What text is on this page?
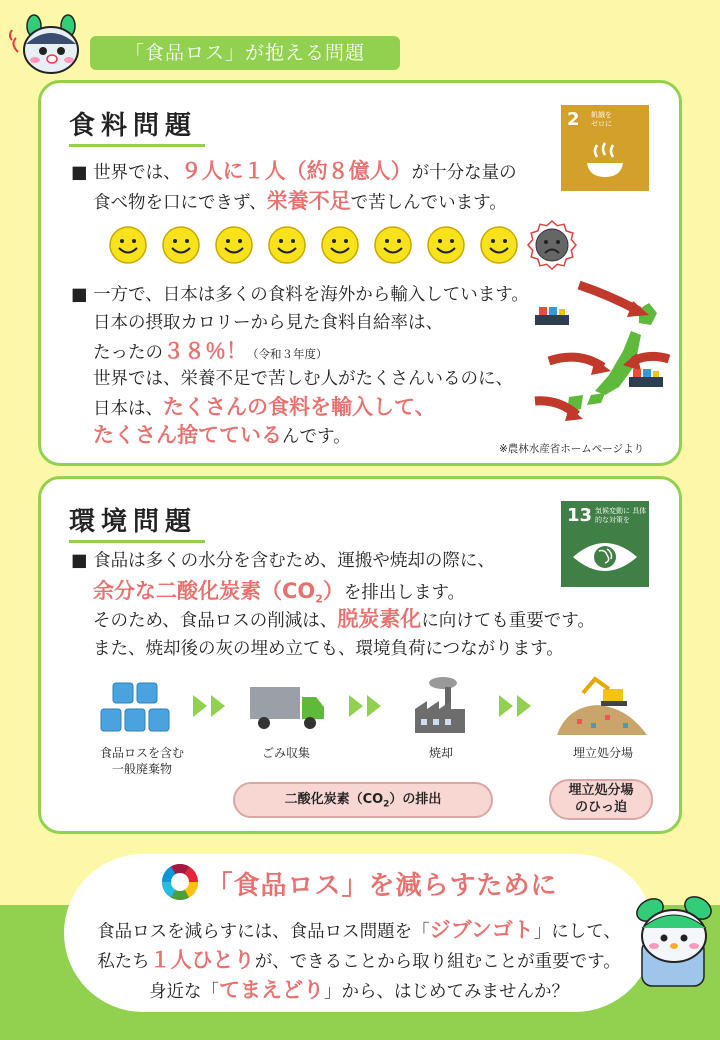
「食品ロス」が抱える問題
食料問題	2 飢餓を
ゼロに
■ 世界では、９人に１人（約８億人）が十分な量の
食べ物を口にできず、栄養不足で苦しんでいます。
■ 一方で、日本は多くの食料を海外から輸入しています。
日本の摂取カロリーから見た食料自給率は、
たったの３８％！（令和３年度）
世界では、栄養不足で苦しむ人がたくさんいるのに、
日本は、たくさんの食料を輸入して、
たくさん捨てているんです。
※農林水産省ホームページより
環境問題	13 気候変動に 具体的な対策を
■ 食品は多くの水分を含むため、運搬や焼却の際に、
余分な二酸化炭素$(CO_2)$を排出します。
そのため、食品ロスの削減は、脱炭素化に向けても重要です。
また、焼却後の灰の埋め立ても、環境負荷につながります。
食品ロスを含む
一般廃棄物
ごみ収集	焼却	埋立処分場
二酸化炭素$(CO_2)$の排出
埋立処分場
のひっ迫
「食品ロス」を減らすために
食品ロスを減らすには、食品ロス問題を「ジブンゴト」にして、
私たち１人ひとりが、できることから取り組むことが重要です。
身近な「てまえどり」から、はじめてみませんか？
